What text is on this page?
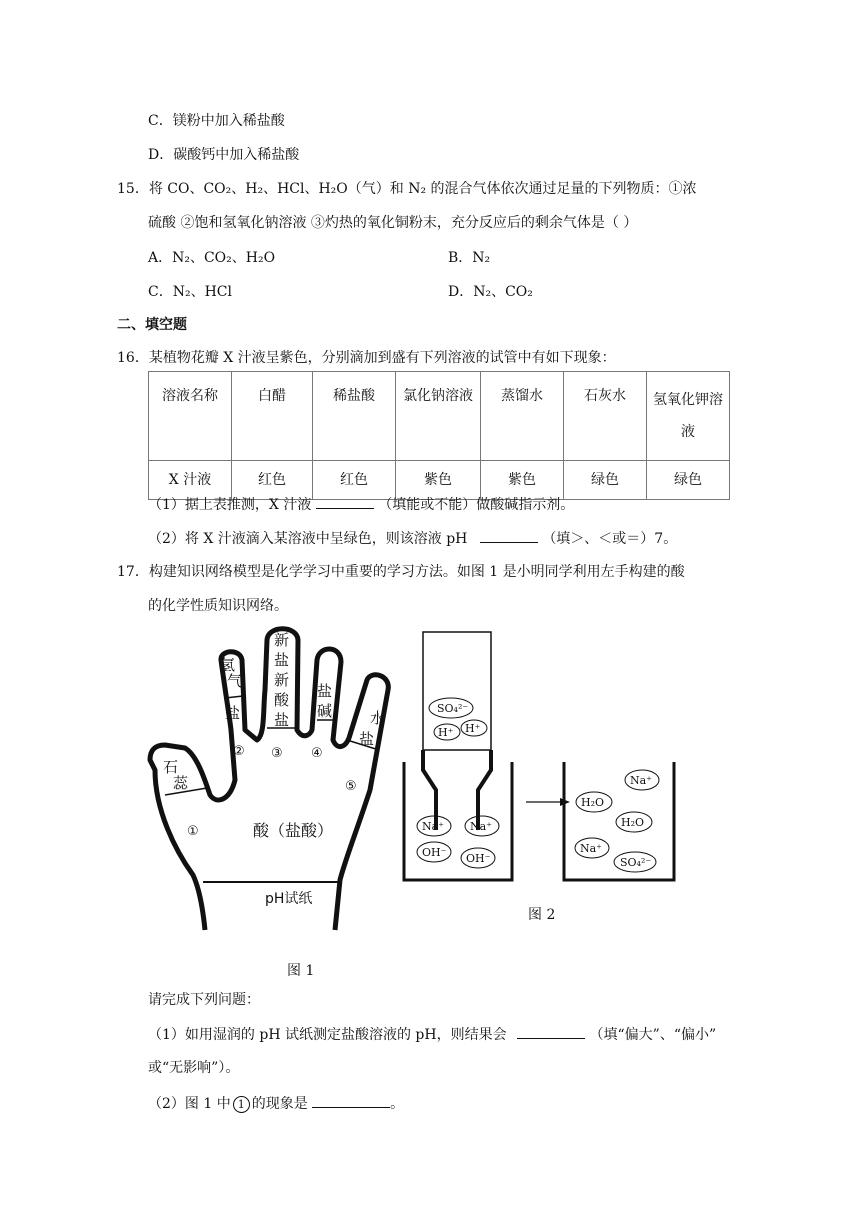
C．镁粉中加入稀盐酸
D．碳酸钙中加入稀盐酸
15．将 CO、CO₂、H₂、HCl、H₂O（气）和 N₂ 的混合气体依次通过足量的下列物质：①浓
硫酸 ②饱和氢氧化钠溶液 ③灼热的氧化铜粉末，充分反应后的剩余气体是（ ）
A．N₂、CO₂、H₂O	B．N₂
C．N₂、HCl	D．N₂、CO₂
二、填空题
16．某植物花瓣 X 汁液呈紫色，分别滴加到盛有下列溶液的试管中有如下现象：
溶液名称	白醋	稀盐酸	氯化钠溶液	蒸馏水	石灰水	氢氧化钾溶液
X 汁液	红色	红色	紫色	紫色	绿色	绿色
（1）据上表推测，X 汁液	（填能或不能）做酸碱指示剂。
（2）将 X 汁液滴入某溶液中呈绿色，则该溶液 pH	（填＞、＜或＝）7。
17．构建知识网络模型是化学学习中重要的学习方法。如图 1 是小明同学利用左手构建的酸
的化学性质知识网络。
石
蕊
氢
气
盐
新
盐
新
酸
盐
盐
碱	水
盐
酸（盐酸）
pH试纸
①
② ③ ④
⑤
图 1
SO₄²⁻
H⁺ H⁺
Na⁺ Na⁺
OH⁻ OH⁻
Na⁺
H₂O
H₂O
Na⁺
SO₄²⁻
图 2
请完成下列问题：
（1）如用湿润的 pH 试纸测定盐酸溶液的 pH，则结果会	（填“偏大”、“偏小”
或“无影响”）。
（2）图 1 中 1 的现象是	。
